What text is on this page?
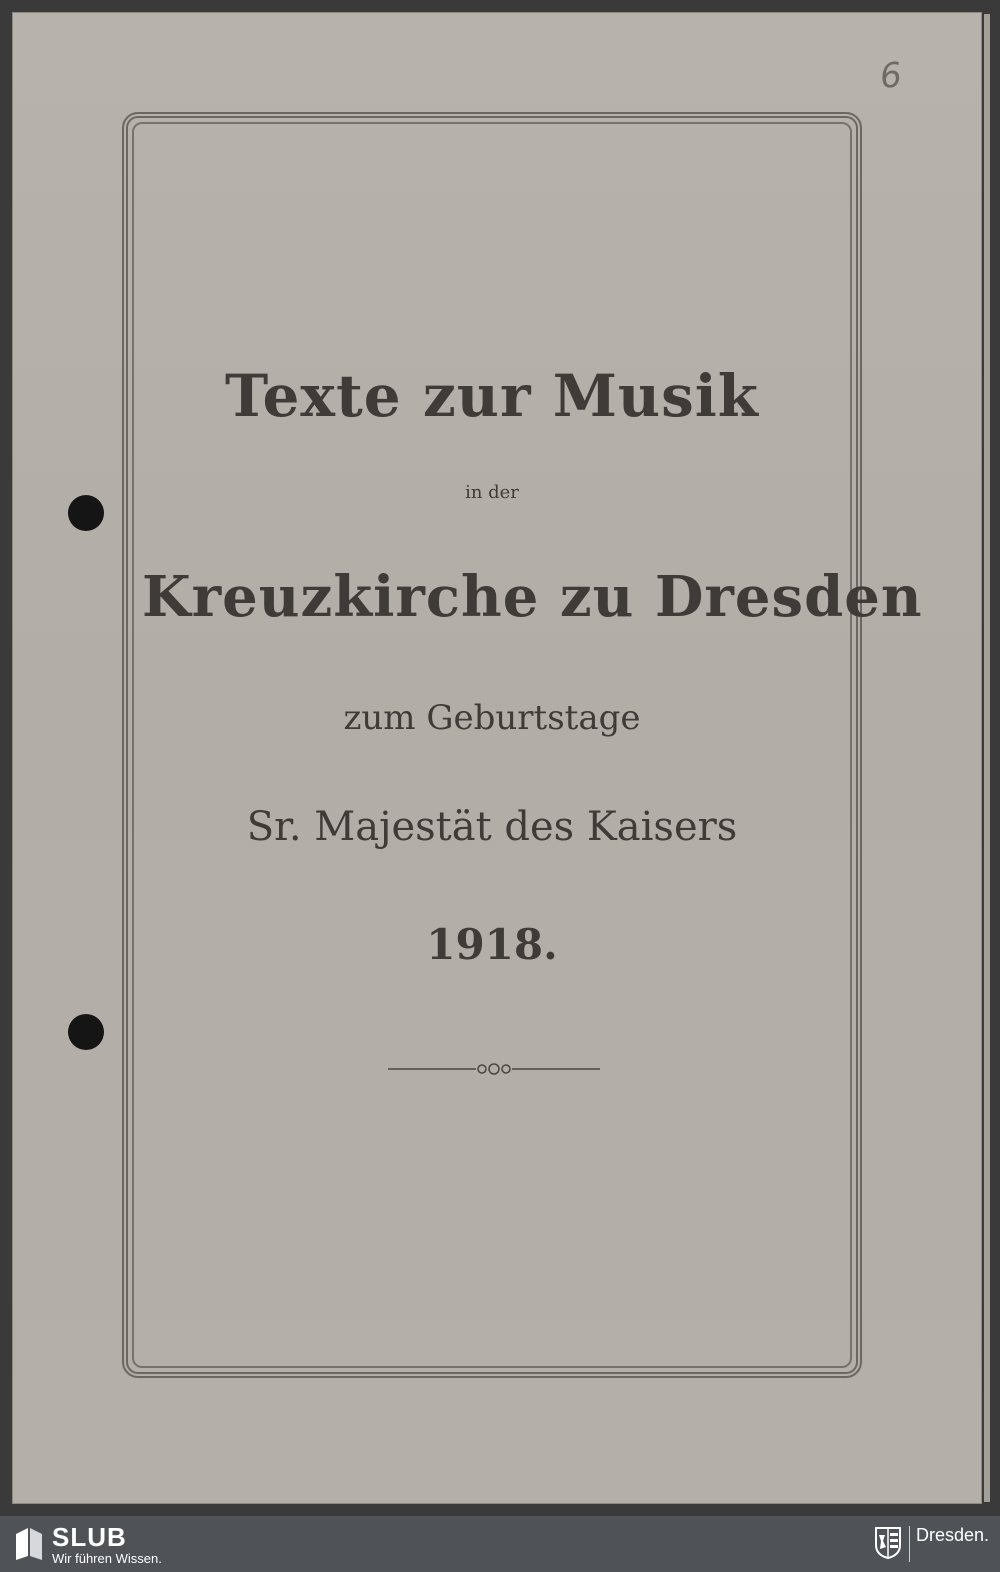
6
Texte zur Musik
in der
Kreuzkirche zu Dresden
zum Geburtstage
Sr. Majestät des Kaisers
1918.
SLUB
Wir führen Wissen.
Dresden.
